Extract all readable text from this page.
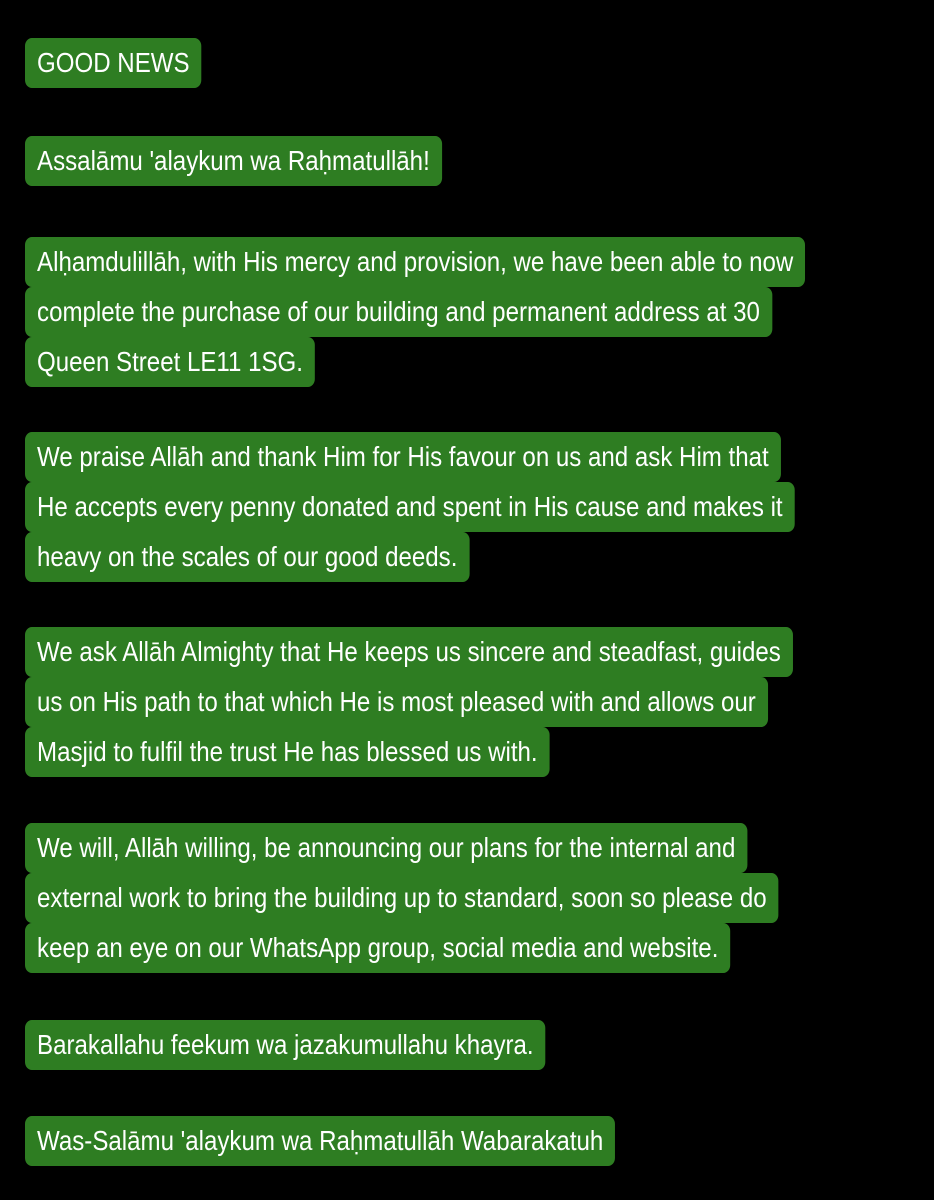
GOOD NEWS
Assalāmu 'alaykum wa Raḥmatullāh!
Alḥamdulillāh, with His mercy and provision, we have been able to now
complete the purchase of our building and permanent address at 30
Queen Street LE11 1SG.
We praise Allāh and thank Him for His favour on us and ask Him that
He accepts every penny donated and spent in His cause and makes it
heavy on the scales of our good deeds.
We ask Allāh Almighty that He keeps us sincere and steadfast, guides
us on His path to that which He is most pleased with and allows our
Masjid to fulfil the trust He has blessed us with.
We will, Allāh willing, be announcing our plans for the internal and
external work to bring the building up to standard, soon so please do
keep an eye on our WhatsApp group, social media and website.
Barakallahu feekum wa jazakumullahu khayra.
Was-Salāmu 'alaykum wa Raḥmatullāh Wabarakatuh
